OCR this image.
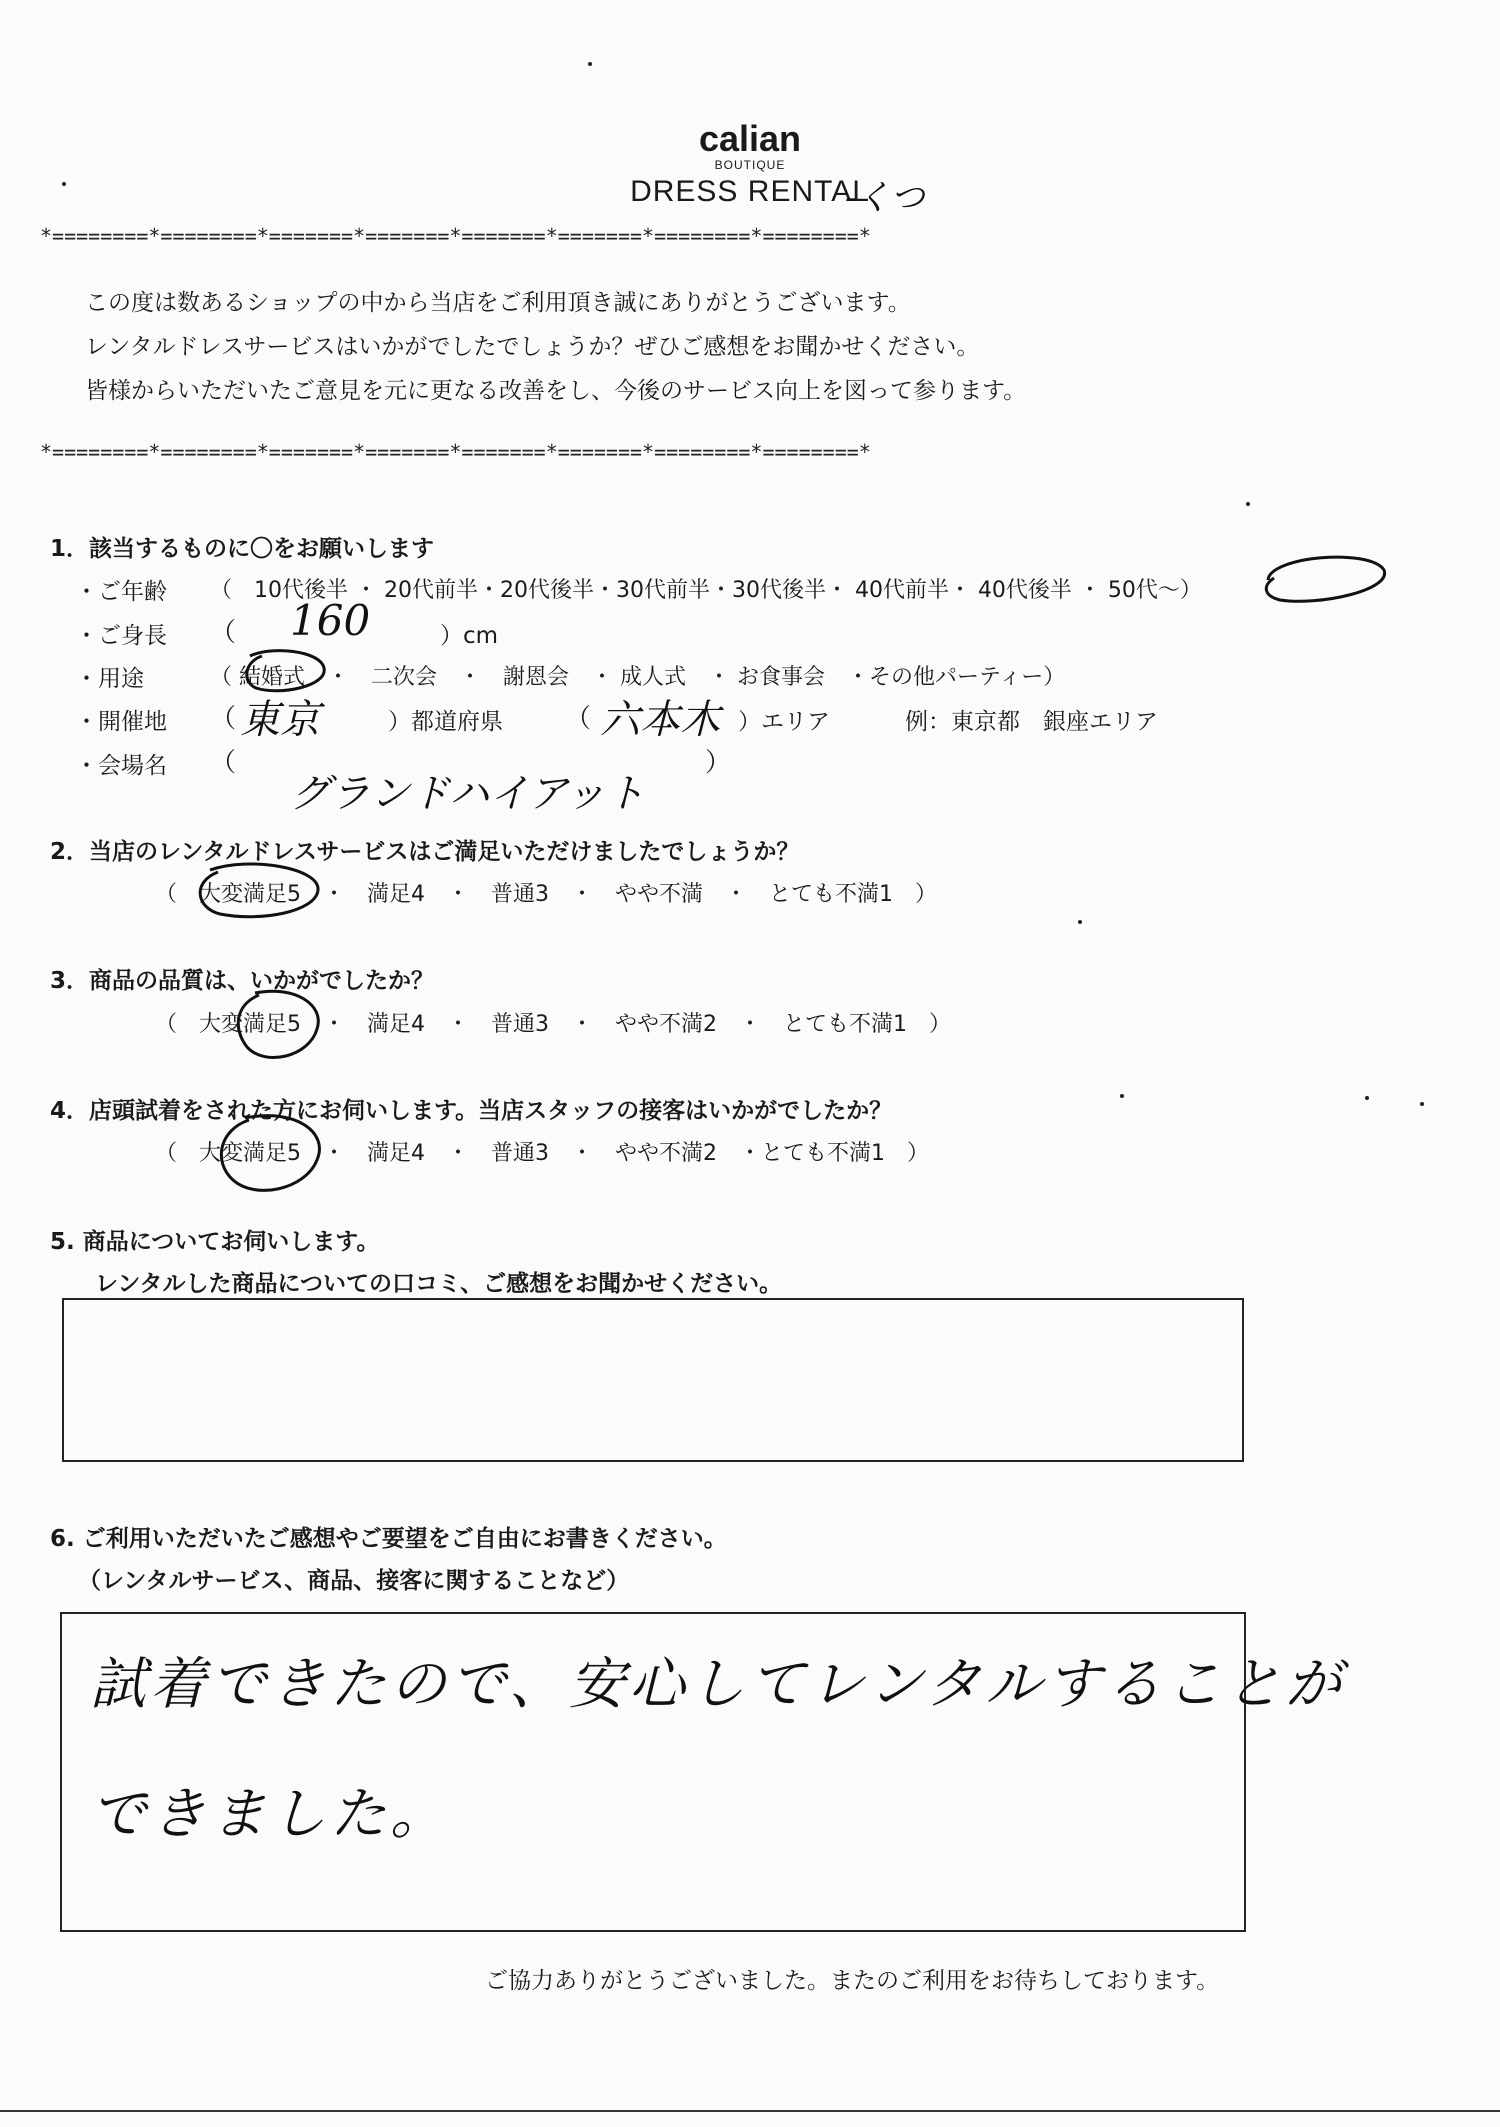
calian
BOUTIQUE
DRESS RENTAL
-くつ
*========*========*=======*=======*=======*=======*========*========*
この度は数あるショップの中から当店をご利用頂き誠にありがとうございます。
レンタルドレスサービスはいかがでしたでしょうか？ぜひご感想をお聞かせください。
皆様からいただいたご意見を元に更なる改善をし、今後のサービス向上を図って参ります。
*========*========*=======*=======*=======*=======*========*========*
1．該当するものに〇をお願いします
・ご年齢 （　10代後半 ・ 20代前半・20代後半・30代前半・30代後半・ 40代前半・ 40代後半 ・ 50代～）
・ご身長 （ 160	）cm
・用途	（ 結婚式　・　二次会　・　謝恩会　・ 成人式　・ お食事会　・その他パーティー）
・開催地 （ 東京	）都道府県 （ 六本木 ）エリア	例：東京都　銀座エリア
・会場名 （	）
グランドハイアット
2．当店のレンタルドレスサービスはご満足いただけましたでしょうか？
（　大変満足5　・　満足4　・　普通3　・　やや不満　・　とても不満1　）
3．商品の品質は、いかがでしたか？
（　大変満足5　・　満足4　・　普通3　・　やや不満2　・　とても不満1　）
4．店頭試着をされた方にお伺いします。当店スタッフの接客はいかがでしたか？
（　大変満足5　・　満足4　・　普通3　・　やや不満2　・とても不満1　）
5. 商品についてお伺いします。
レンタルした商品についての口コミ、ご感想をお聞かせください。
6. ご利用いただいたご感想やご要望をご自由にお書きください。
（レンタルサービス、商品、接客に関することなど）
試着できたので、安心してレンタルすることが
できました。
ご協力ありがとうございました。またのご利用をお待ちしております。
